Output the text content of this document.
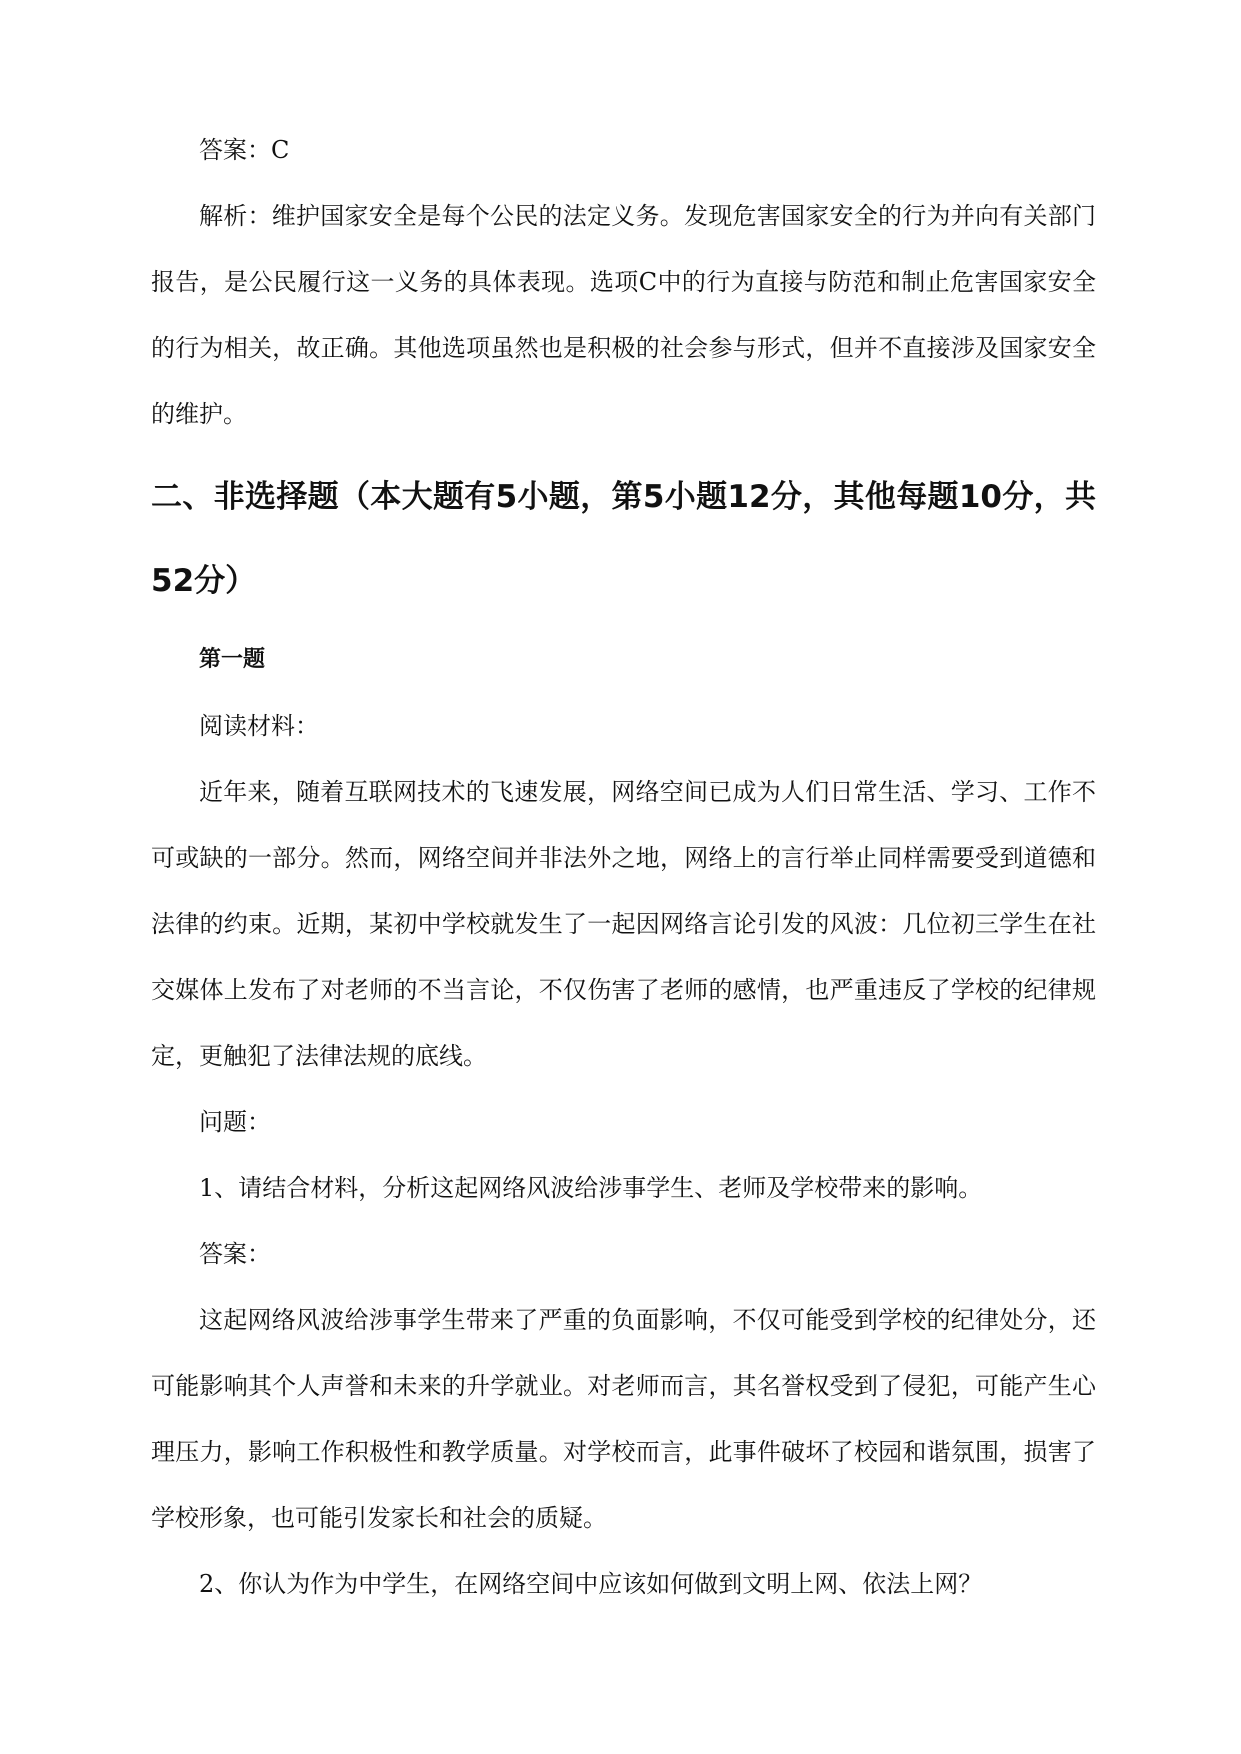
答案：C

解析：维护国家安全是每个公民的法定义务。发现危害国家安全的行为并向有关部门报告，是公民履行这一义务的具体表现。选项C中的行为直接与防范和制止危害国家安全的行为相关，故正确。其他选项虽然也是积极的社会参与形式，但并不直接涉及国家安全的维护。

二、非选择题（本大题有5小题，第5小题12分，其他每题10分，共52分）
第一题

阅读材料：

近年来，随着互联网技术的飞速发展，网络空间已成为人们日常生活、学习、工作不可或缺的一部分。然而，网络空间并非法外之地，网络上的言行举止同样需要受到道德和法律的约束。近期，某初中学校就发生了一起因网络言论引发的风波：几位初三学生在社交媒体上发布了对老师的不当言论，不仅伤害了老师的感情，也严重违反了学校的纪律规定，更触犯了法律法规的底线。

问题：

1、请结合材料，分析这起网络风波给涉事学生、老师及学校带来的影响。

答案：

这起网络风波给涉事学生带来了严重的负面影响，不仅可能受到学校的纪律处分，还可能影响其个人声誉和未来的升学就业。对老师而言，其名誉权受到了侵犯，可能产生心理压力，影响工作积极性和教学质量。对学校而言，此事件破坏了校园和谐氛围，损害了学校形象，也可能引发家长和社会的质疑。

2、你认为作为中学生，在网络空间中应该如何做到文明上网、依法上网？
